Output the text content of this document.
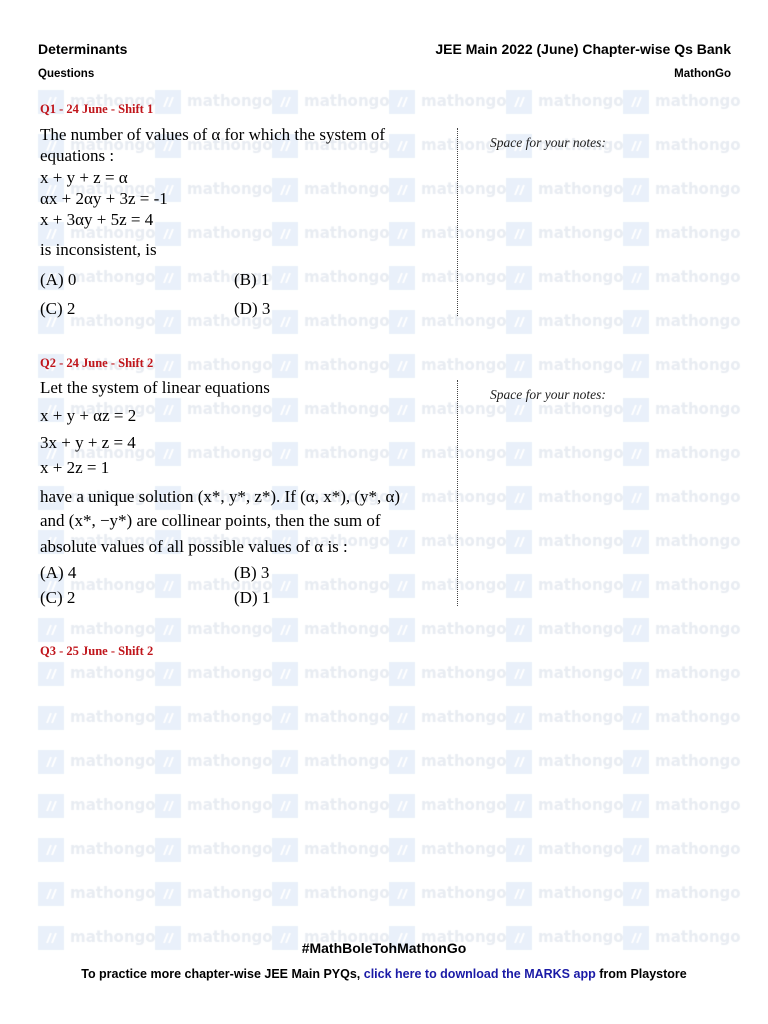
Determinants	JEE Main 2022 (June) Chapter-wise Qs Bank
Questions	MathonGo
Q1 - 24 June - Shift 1
The number of values of α for which the system of
equations :
x + y + z = α
αx + 2αy + 3z = -1
x + 3αy + 5z = 4
is inconsistent, is
(A) 0	(B) 1
(C) 2	(D) 3
Space for your notes:
Q2 - 24 June - Shift 2
Let the system of linear equations
x + y + αz = 2
3x + y + z = 4
x + 2z = 1
have a unique solution (x*, y*, z*). If (α, x*), (y*, α)
and (x*, −y*) are collinear points, then the sum of
absolute values of all possible values of α is :
(A) 4	(B) 3
(C) 2	(D) 1
Space for your notes:
Q3 - 25 June - Shift 2
#MathBoleTohMathonGo
To practice more chapter-wise JEE Main PYQs, click here to download the MARKS app from Playstore
